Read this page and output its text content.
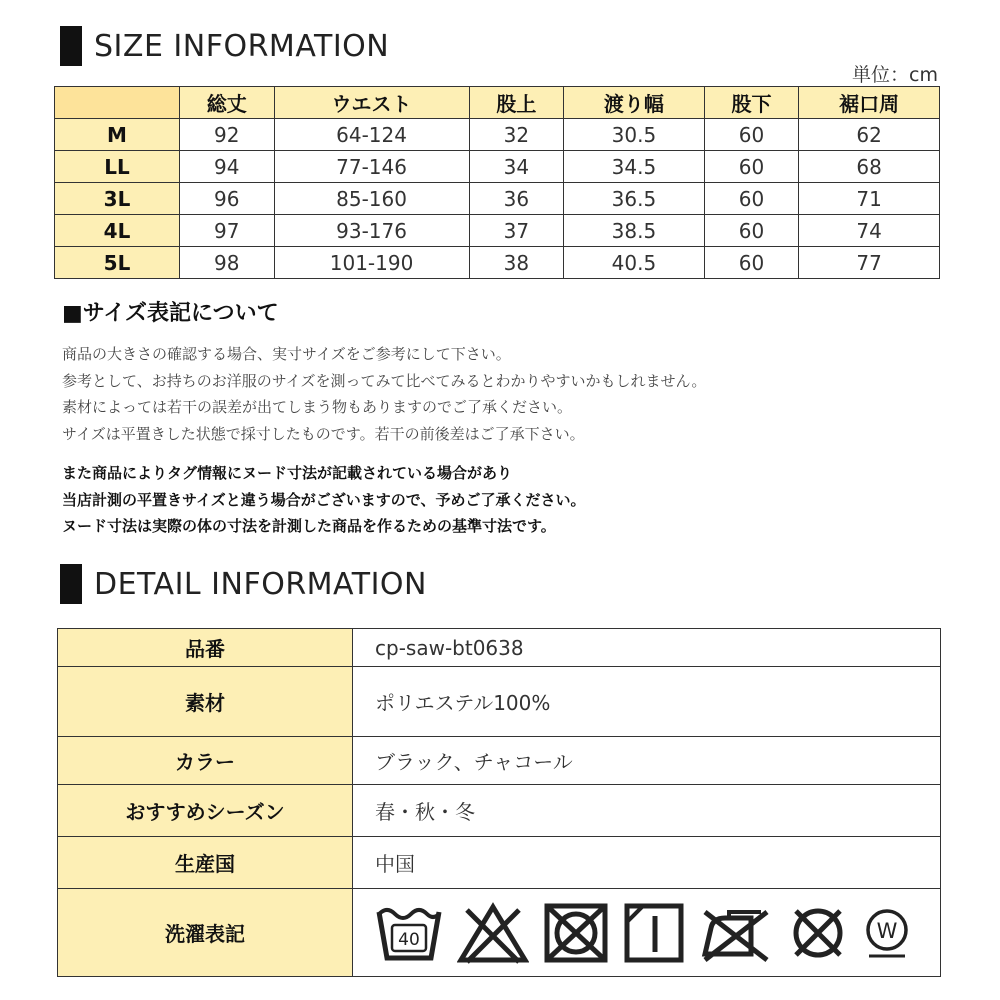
SIZE INFORMATION
単位：cm
	総丈	ウエスト	股上	渡り幅	股下	裾口周
M	92	64-124	32	30.5	60	62
LL	94	77-146	34	34.5	60	68
3L	96	85-160	36	36.5	60	71
4L	97	93-176	37	38.5	60	74
5L	98	101-190	38	40.5	60	77
■サイズ表記について

商品の大きさの確認する場合、実寸サイズをご参考にして下さい。

参考として、お持ちのお洋服のサイズを測ってみて比べてみるとわかりやすいかもしれません。

素材によっては若干の誤差が出てしまう物もありますのでご了承ください。

サイズは平置きした状態で採寸したものです。若干の前後差はご了承下さい。

また商品によりタグ情報にヌード寸法が記載されている場合があり

当店計測の平置きサイズと違う場合がございますので、予めご了承ください。

ヌード寸法は実際の体の寸法を計測した商品を作るための基準寸法です。

DETAIL INFORMATION
品番	cp-saw-bt0638
素材	ポリエステル100%
カラー	ブラック、チャコール
おすすめシーズン	春・秋・冬
生産国	中国
洗濯表記	40 W
